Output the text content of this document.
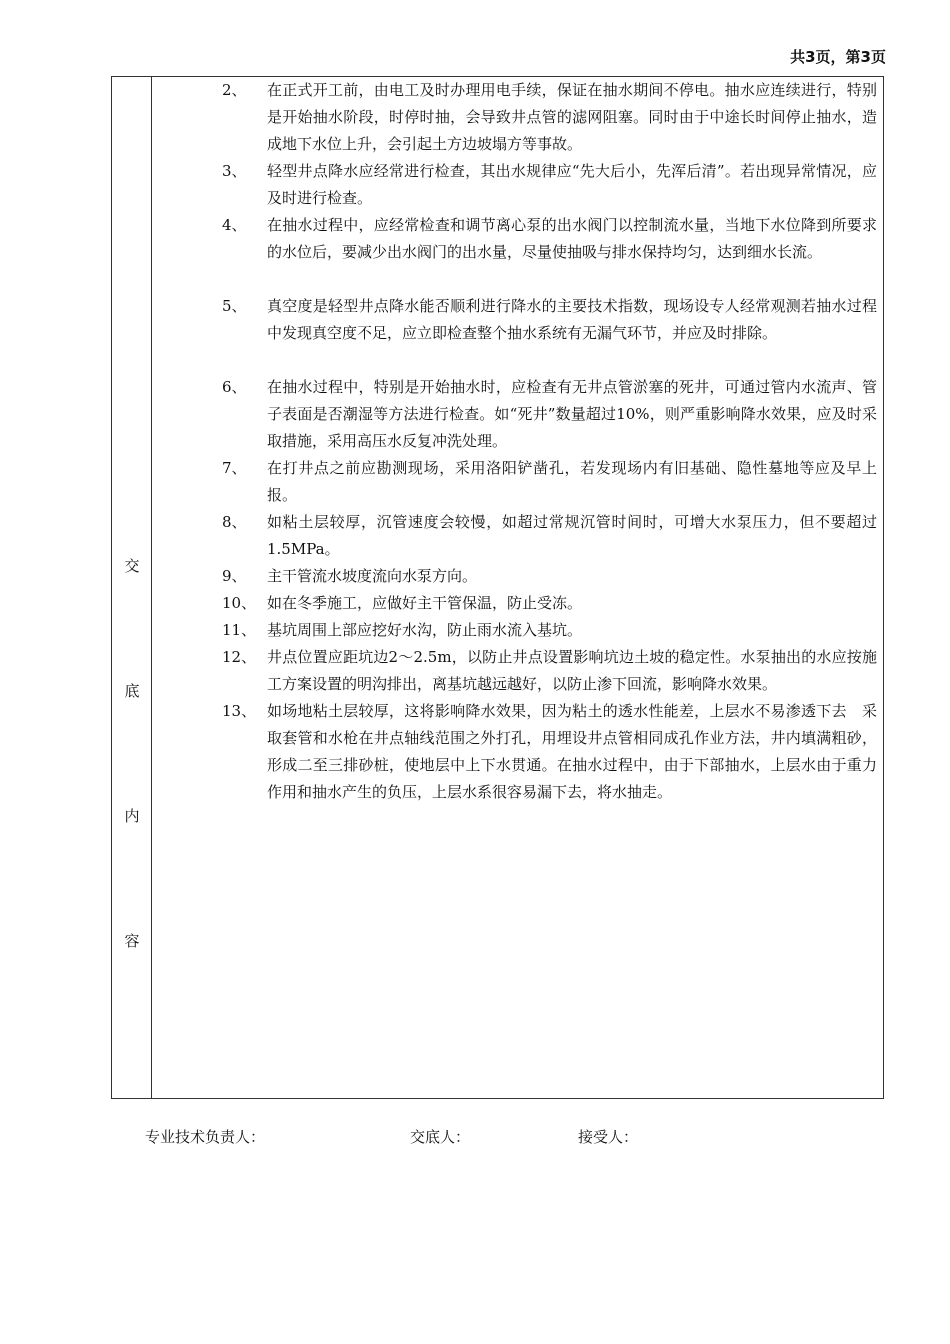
共3页，第3页
交
底
内
容
2、	在正式开工前，由电工及时办理用电手续，保证在抽水期间不停电。抽水应连续进行，特别是开始抽水阶段，时停时抽，会导致井点管的滤网阻塞。同时由于中途长时间停止抽水，造成地下水位上升，会引起土方边坡塌方等事故。
3、	轻型井点降水应经常进行检查，其出水规律应“先大后小，先浑后清”。若出现异常情况，应及时进行检查。
4、	在抽水过程中，应经常检查和调节离心泵的出水阀门以控制流水量，当地下水位降到所要求的水位后，要减少出水阀门的出水量，尽量使抽吸与排水保持均匀，达到细水长流。
5、	真空度是轻型井点降水能否顺利进行降水的主要技术指数，现场设专人经常观测若抽水过程中发现真空度不足，应立即检查整个抽水系统有无漏气环节，并应及时排除。
6、	在抽水过程中，特别是开始抽水时，应检查有无井点管淤塞的死井，可通过管内水流声、管子表面是否潮湿等方法进行检查。如“死井”数量超过10%，则严重影响降水效果，应及时采取措施，采用高压水反复冲洗处理。
7、	在打井点之前应勘测现场，采用洛阳铲凿孔，若发现场内有旧基础、隐性墓地等应及早上报。
8、	如粘土层较厚，沉管速度会较慢，如超过常规沉管时间时，可增大水泵压力，但不要超过1.5MPa。
9、	主干管流水坡度流向水泵方向。
10、 如在冬季施工，应做好主干管保温，防止受冻。
11、 基坑周围上部应挖好水沟，防止雨水流入基坑。
12、 井点位置应距坑边2～2.5m，以防止井点设置影响坑边土坡的稳定性。水泵抽出的水应按施工方案设置的明沟排出，离基坑越远越好，以防止渗下回流，影响降水效果。
13、 如场地粘土层较厚，这将影响降水效果，因为粘土的透水性能差，上层水不易渗透下去　采取套管和水枪在井点轴线范围之外打孔，用埋设井点管相同成孔作业方法，井内填满粗砂，形成二至三排砂桩，使地层中上下水贯通。在抽水过程中，由于下部抽水，上层水由于重力作用和抽水产生的负压，上层水系很容易漏下去，将水抽走。
专业技术负责人：	交底人：	接受人：
